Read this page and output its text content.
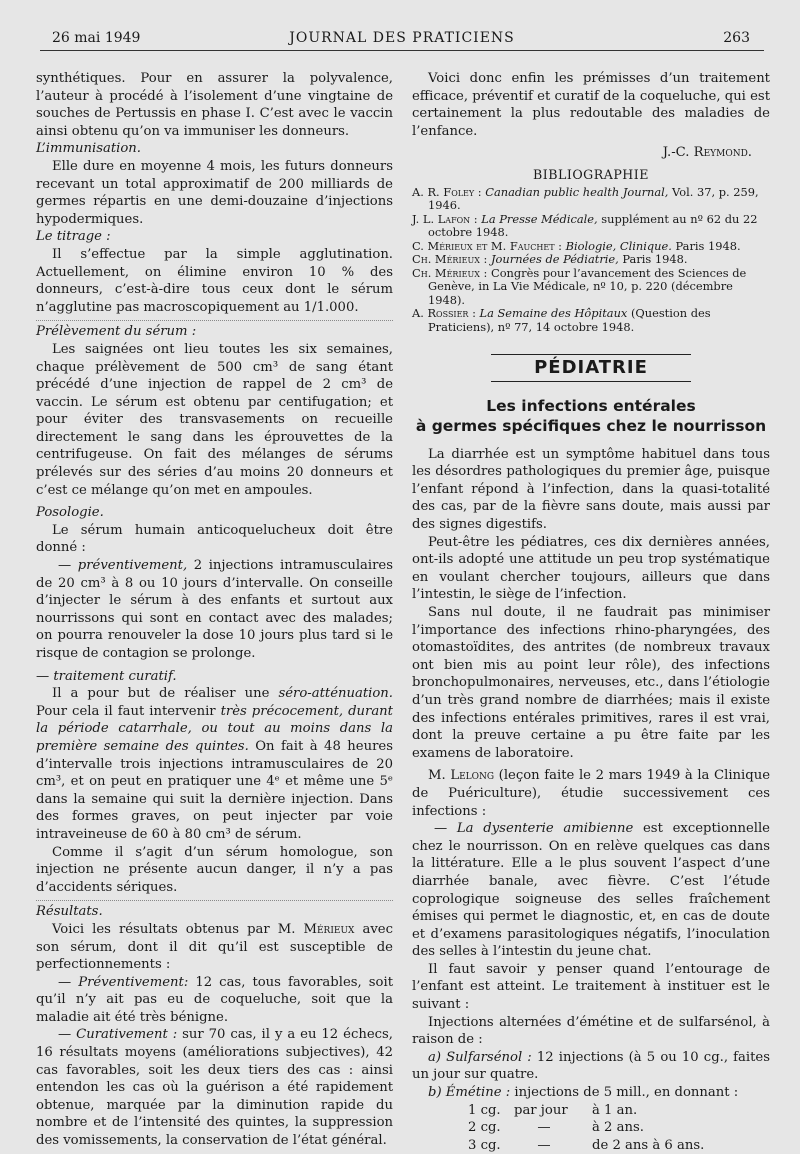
26 mai 1949	JOURNAL DES PRATICIENS	263

synthétiques. Pour en assurer la polyvalence, l’auteur à procédé à l’isolement d’une vingtaine de souches de Pertussis en phase I. C’est avec le vaccin ainsi obtenu qu’on va immuniser les donneurs.

L’immunisation.

Elle dure en moyenne 4 mois, les futurs donneurs recevant un total approximatif de 200 milliards de germes répartis en une demi-douzaine d’injections hypodermiques.

Le titrage :

Il s’effectue par la simple agglutination. Actuellement, on élimine environ 10 % des donneurs, c’est-à-dire tous ceux dont le sérum n’agglutine pas macroscopiquement au 1/1.000.

Prélèvement du sérum :

Les saignées ont lieu toutes les six semaines, chaque prélèvement de 500 cm³ de sang étant précédé d’une injection de rappel de 2 cm³ de vaccin. Le sérum est obtenu par centifugation; et pour éviter des transvasements on recueille directement le sang dans les éprouvettes de la centrifugeuse. On fait des mélanges de sérums prélevés sur des séries d’au moins 20 donneurs et c’est ce mélange qu’on met en ampoules.

Posologie.

Le sérum humain anticoquelucheux doit être donné :

— préventivement, 2 injections intramusculaires de 20 cm³ à 8 ou 10 jours d’intervalle. On conseille d’injecter le sérum à des enfants et surtout aux nourrissons qui sont en contact avec des malades; on pourra renouveler la dose 10 jours plus tard si le risque de contagion se prolonge.

— traitement curatif.

Il a pour but de réaliser une séro-atténuation. Pour cela il faut intervenir très précocement, durant la période catarrhale, ou tout au moins dans la première semaine des quintes. On fait à 48 heures d’intervalle trois injections intramusculaires de 20 cm³, et on peut en pratiquer une 4ᵉ et même une 5ᵉ dans la semaine qui suit la dernière injection. Dans des formes graves, on peut injecter par voie intraveineuse de 60 à 80 cm³ de sérum.

Comme il s’agit d’un sérum homologue, son injection ne présente aucun danger, il n’y a pas d’accidents sériques.

Résultats.

Voici les résultats obtenus par M. Mérieux avec son sérum, dont il dit qu’il est susceptible de perfectionnements :

— Préventivement: 12 cas, tous favorables, soit qu’il n’y ait pas eu de coqueluche, soit que la maladie ait été très bénigne.

— Curativement : sur 70 cas, il y a eu 12 échecs, 16 résultats moyens (améliorations subjectives), 42 cas favorables, soit les deux tiers des cas : ainsi entendon les cas où la guérison a été rapidement obtenue, marquée par la diminution rapide du nombre et de l’intensité des quintes, la suppression des vomissements, la conservation de l’état général.

Voici donc enfin les prémisses d’un traitement efficace, préventif et curatif de la coqueluche, qui est certainement la plus redoutable des maladies de l’enfance.

J.-C. Reymond.

BIBLIOGRAPHIE

A. R. Foley : Canadian public health Journal, Vol. 37, p. 259, 1946.

J. L. Lafon : La Presse Médicale, supplément au nº 62 du 22 octobre 1948.

C. Mérieux et M. Fauchet : Biologie, Clinique. Paris 1948.

Ch. Mérieux : Journées de Pédiatrie, Paris 1948.

Ch. Mérieux : Congrès pour l’avancement des Sciences de Genève, in La Vie Médicale, nº 10, p. 220 (décembre 1948).

A. Rossier : La Semaine des Hôpitaux (Question des Praticiens), nº 77, 14 octobre 1948.

PÉDIATRIE
Les infections entérales
à germes spécifiques chez le nourrisson

La diarrhée est un symptôme habituel dans tous les désordres pathologiques du premier âge, puisque l’enfant répond à l’infection, dans la quasi-totalité des cas, par de la fièvre sans doute, mais aussi par des signes digestifs.

Peut-être les pédiatres, ces dix dernières années, ont-ils adopté une attitude un peu trop systématique en voulant chercher toujours, ailleurs que dans l’intestin, le siège de l’infection.

Sans nul doute, il ne faudrait pas minimiser l’importance des infections rhino-pharyngées, des otomastoïdites, des antrites (de nombreux travaux ont bien mis au point leur rôle), des infections bronchopulmonaires, nerveuses, etc., dans l’étiologie d’un très grand nombre de diarrhées; mais il existe des infections entérales primitives, rares il est vrai, dont la preuve certaine a pu être faite par les examens de laboratoire.

M. Lelong (leçon faite le 2 mars 1949 à la Clinique de Puériculture), étudie successivement ces infections :

— La dysenterie amibienne est exceptionnelle chez le nourrisson. On en relève quelques cas dans la littérature. Elle a le plus souvent l’aspect d’une diarrhée banale, avec fièvre. C’est l’étude coprologique soigneuse des selles fraîchement émises qui permet le diagnostic, et, en cas de doute et d’examens parasitologiques négatifs, l’inoculation des selles à l’intestin du jeune chat.

Il faut savoir y penser quand l’entourage de l’enfant est atteint. Le traitement à instituer est le suivant :

Injections alternées d’émétine et de sulfarsénol, à raison de :

a) Sulfarsénol : 12 injections (à 5 ou 10 cg., faites un jour sur quatre.

b) Émétine : injections de 5 mill., en donnant :

1 cg. par jour à 1 an.
2 cg.	—	à 2 ans.
3 cg.	—	de 2 ans à 6 ans.
